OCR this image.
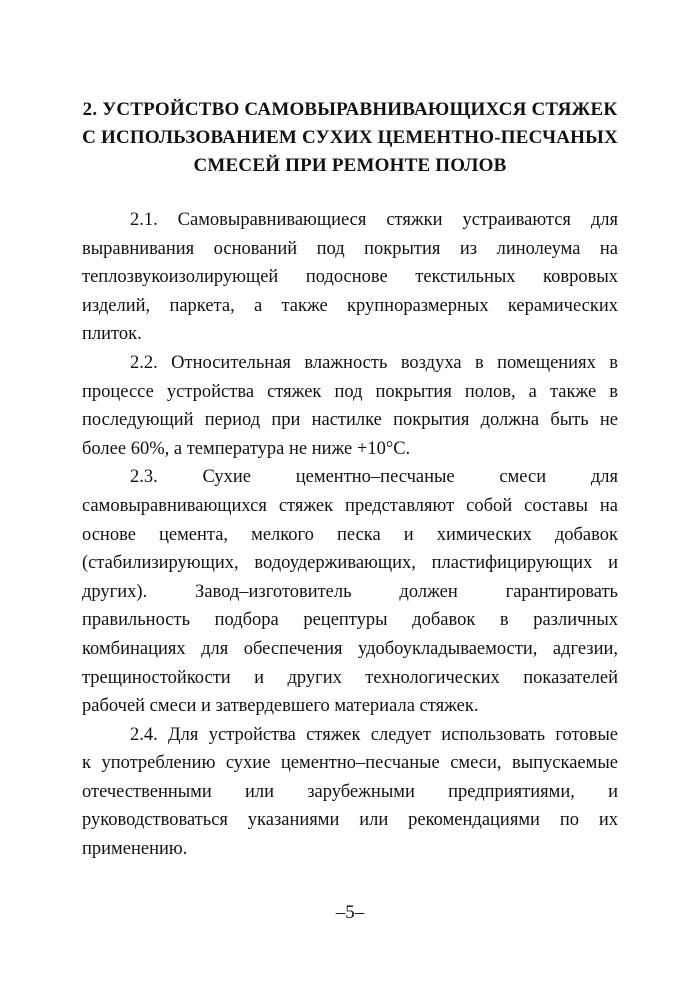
2. УСТРОЙСТВО САМОВЫРАВНИВАЮЩИХСЯ СТЯЖЕК
С ИСПОЛЬЗОВАНИЕМ СУХИХ ЦЕМЕНТНО-ПЕСЧАНЫХ
СМЕСЕЙ ПРИ РЕМОНТЕ ПОЛОВ

2.1. Самовыравнивающиеся стяжки устраиваются для
выравнивания оснований под покрытия из линолеума на
теплозвукоизолирующей подоснове текстильных ковровых
изделий, паркета, а также крупноразмерных керамических
плиток.

2.2. Относительная влажность воздуха в помещениях в
процессе устройства стяжек под покрытия полов, а также в
последующий период при настилке покрытия должна быть не
более 60%, а температура не ниже +10°С.

2.3. Сухие цементно–песчаные смеси для
самовыравнивающихся стяжек представляют собой составы на
основе цемента, мелкого песка и химических добавок
(стабилизирующих, водоудерживающих, пластифицирующих и
других). Завод–изготовитель должен гарантировать
правильность подбора рецептуры добавок в различных
комбинациях для обеспечения удобоукладываемости, адгезии,
трещиностойкости и других технологических показателей
рабочей смеси и затвердевшего материала стяжек.

2.4. Для устройства стяжек следует использовать готовые
к употреблению сухие цементно–песчаные смеси, выпускаемые
отечественными или зарубежными предприятиями, и
руководствоваться указаниями или рекомендациями по их
применению.

–5–
